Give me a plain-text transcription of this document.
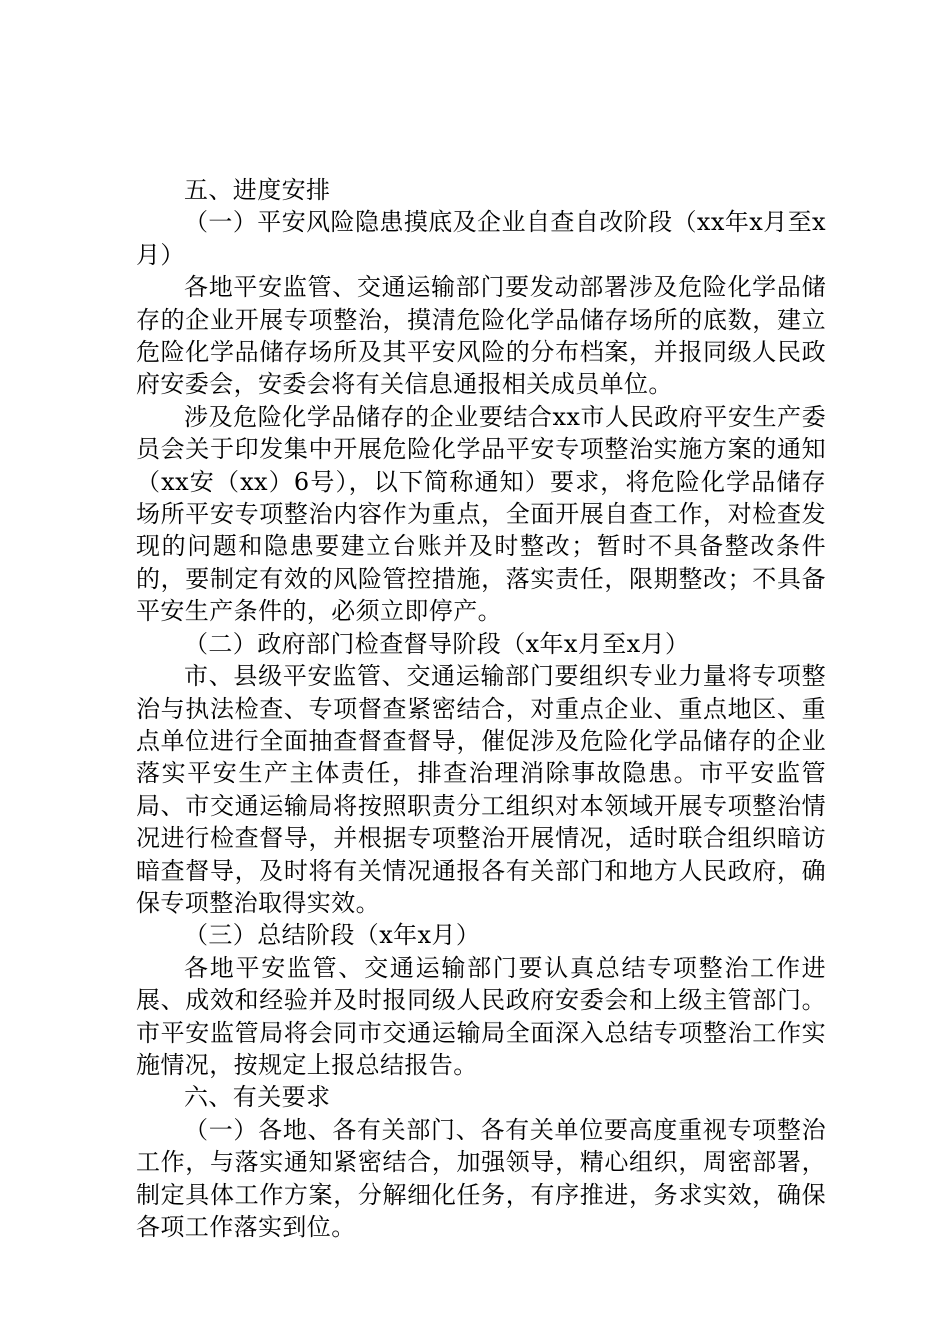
五、进度安排

（一）平安风险隐患摸底及企业自查自改阶段（xx年x月至x月）

各地平安监管、交通运输部门要发动部署涉及危险化学品储存的企业开展专项整治，摸清危险化学品储存场所的底数，建立危险化学品储存场所及其平安风险的分布档案，并报同级人民政府安委会，安委会将有关信息通报相关成员单位。

涉及危险化学品储存的企业要结合xx市人民政府平安生产委员会关于印发集中开展危险化学品平安专项整治实施方案的通知（xx安（xx）6号），以下简称通知）要求，将危险化学品储存场所平安专项整治内容作为重点，全面开展自查工作，对检查发现的问题和隐患要建立台账并及时整改；暂时不具备整改条件的，要制定有效的风险管控措施，落实责任，限期整改；不具备平安生产条件的，必须立即停产。

（二）政府部门检查督导阶段（x年x月至x月）

市、县级平安监管、交通运输部门要组织专业力量将专项整治与执法检查、专项督查紧密结合，对重点企业、重点地区、重点单位进行全面抽查督查督导，催促涉及危险化学品储存的企业落实平安生产主体责任，排查治理消除事故隐患。市平安监管局、市交通运输局将按照职责分工组织对本领域开展专项整治情况进行检查督导，并根据专项整治开展情况，适时联合组织暗访暗查督导，及时将有关情况通报各有关部门和地方人民政府，确保专项整治取得实效。

（三）总结阶段（x年x月）

各地平安监管、交通运输部门要认真总结专项整治工作进展、成效和经验并及时报同级人民政府安委会和上级主管部门。市平安监管局将会同市交通运输局全面深入总结专项整治工作实施情况，按规定上报总结报告。

六、有关要求

（一）各地、各有关部门、各有关单位要高度重视专项整治工作，与落实通知紧密结合，加强领导，精心组织，周密部署，制定具体工作方案，分解细化任务，有序推进，务求实效，确保各项工作落实到位。
